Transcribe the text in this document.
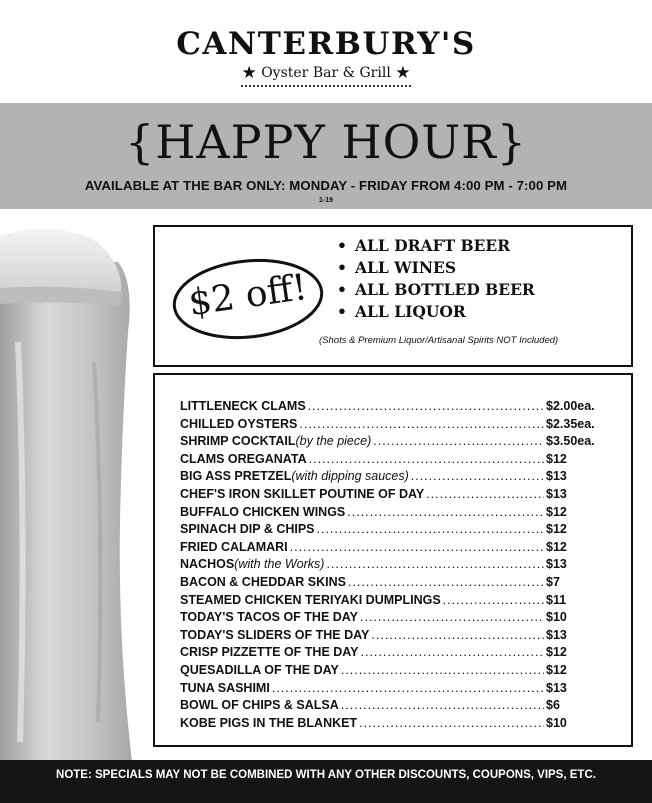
CANTERBURY'S
★ Oyster Bar & Grill ★
{HAPPY HOUR}
AVAILABLE AT THE BAR ONLY: MONDAY - FRIDAY FROM 4:00 PM - 7:00 PM
1-19
$2 off!
• ALL DRAFT BEER
• ALL WINES
• ALL BOTTLED BEER
• ALL LIQUOR
(Shots & Premium Liquor/Artisanal Spirits NOT Included)
LITTLENECK CLAMS .....	$2.00ea.
CHILLED OYSTERS .....	$2.35ea.
SHRIMP COCKTAIL (by the piece) .....	$3.50ea.
CLAMS OREGANATA .....	$12
BIG ASS PRETZEL (with dipping sauces) .....	$13
CHEF'S IRON SKILLET POUTINE OF DAY .....	$13
BUFFALO CHICKEN WINGS .....	$12
SPINACH DIP & CHIPS .....	$12
FRIED CALAMARI .....	$12
NACHOS (with the Works) .....	$13
BACON & CHEDDAR SKINS .....	$7
STEAMED CHICKEN TERIYAKI DUMPLINGS .....	$11
TODAY'S TACOS OF THE DAY .....	$10
TODAY'S SLIDERS OF THE DAY .....	$13
CRISP PIZZETTE OF THE DAY .....	$12
QUESADILLA OF THE DAY .....	$12
TUNA SASHIMI .....	$13
BOWL OF CHIPS & SALSA .....	$6
KOBE PIGS IN THE BLANKET .....	$10
NOTE: SPECIALS MAY NOT BE COMBINED WITH ANY OTHER DISCOUNTS, COUPONS, VIPS, ETC.
